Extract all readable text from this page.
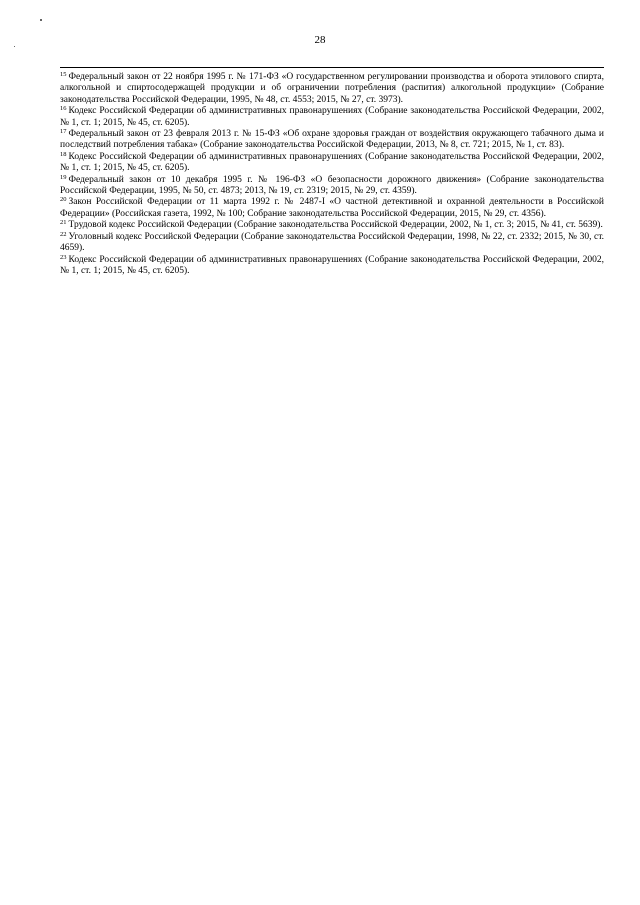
28

$^{15}$ Федеральный закон от 22 ноября 1995 г. № 171-ФЗ «О государственном регулировании производства и оборота этилового спирта, алкогольной и спиртосодержащей продукции и об ограничении потребления (распития) алкогольной продукции» (Собрание законодательства Российской Федерации, 1995, № 48, ст. 4553; 2015, № 27, ст. 3973).

$^{16}$ Кодекс Российской Федерации об административных правонарушениях (Собрание законодательства Российской Федерации, 2002, № 1, ст. 1; 2015, № 45, ст. 6205).

$^{17}$ Федеральный закон от 23 февраля 2013 г. № 15-ФЗ «Об охране здоровья граждан от воздействия окружающего табачного дыма и последствий потребления табака» (Собрание законодательства Российской Федерации, 2013, № 8, ст. 721; 2015, № 1, ст. 83).

$^{18}$ Кодекс Российской Федерации об административных правонарушениях (Собрание законодательства Российской Федерации, 2002, № 1, ст. 1; 2015, № 45, ст. 6205).

$^{19}$ Федеральный закон от 10 декабря 1995 г. № 196-ФЗ «О безопасности дорожного движения» (Собрание законодательства Российской Федерации, 1995, № 50, ст. 4873; 2013, № 19, ст. 2319; 2015, № 29, ст. 4359).

$^{20}$ Закон Российской Федерации от 11 марта 1992 г. № 2487-I «О частной детективной и охранной деятельности в Российской Федерации» (Российская газета, 1992, № 100; Собрание законодательства Российской Федерации, 2015, № 29, ст. 4356).

$^{21}$ Трудовой кодекс Российской Федерации (Собрание законодательства Российской Федерации, 2002, № 1, ст. 3; 2015, № 41, ст. 5639).

$^{22}$ Уголовный кодекс Российской Федерации (Собрание законодательства Российской Федерации, 1998, № 22, ст. 2332; 2015, № 30, ст. 4659).

$^{23}$ Кодекс Российской Федерации об административных правонарушениях (Собрание законодательства Российской Федерации, 2002, № 1, ст. 1; 2015, № 45, ст. 6205).
